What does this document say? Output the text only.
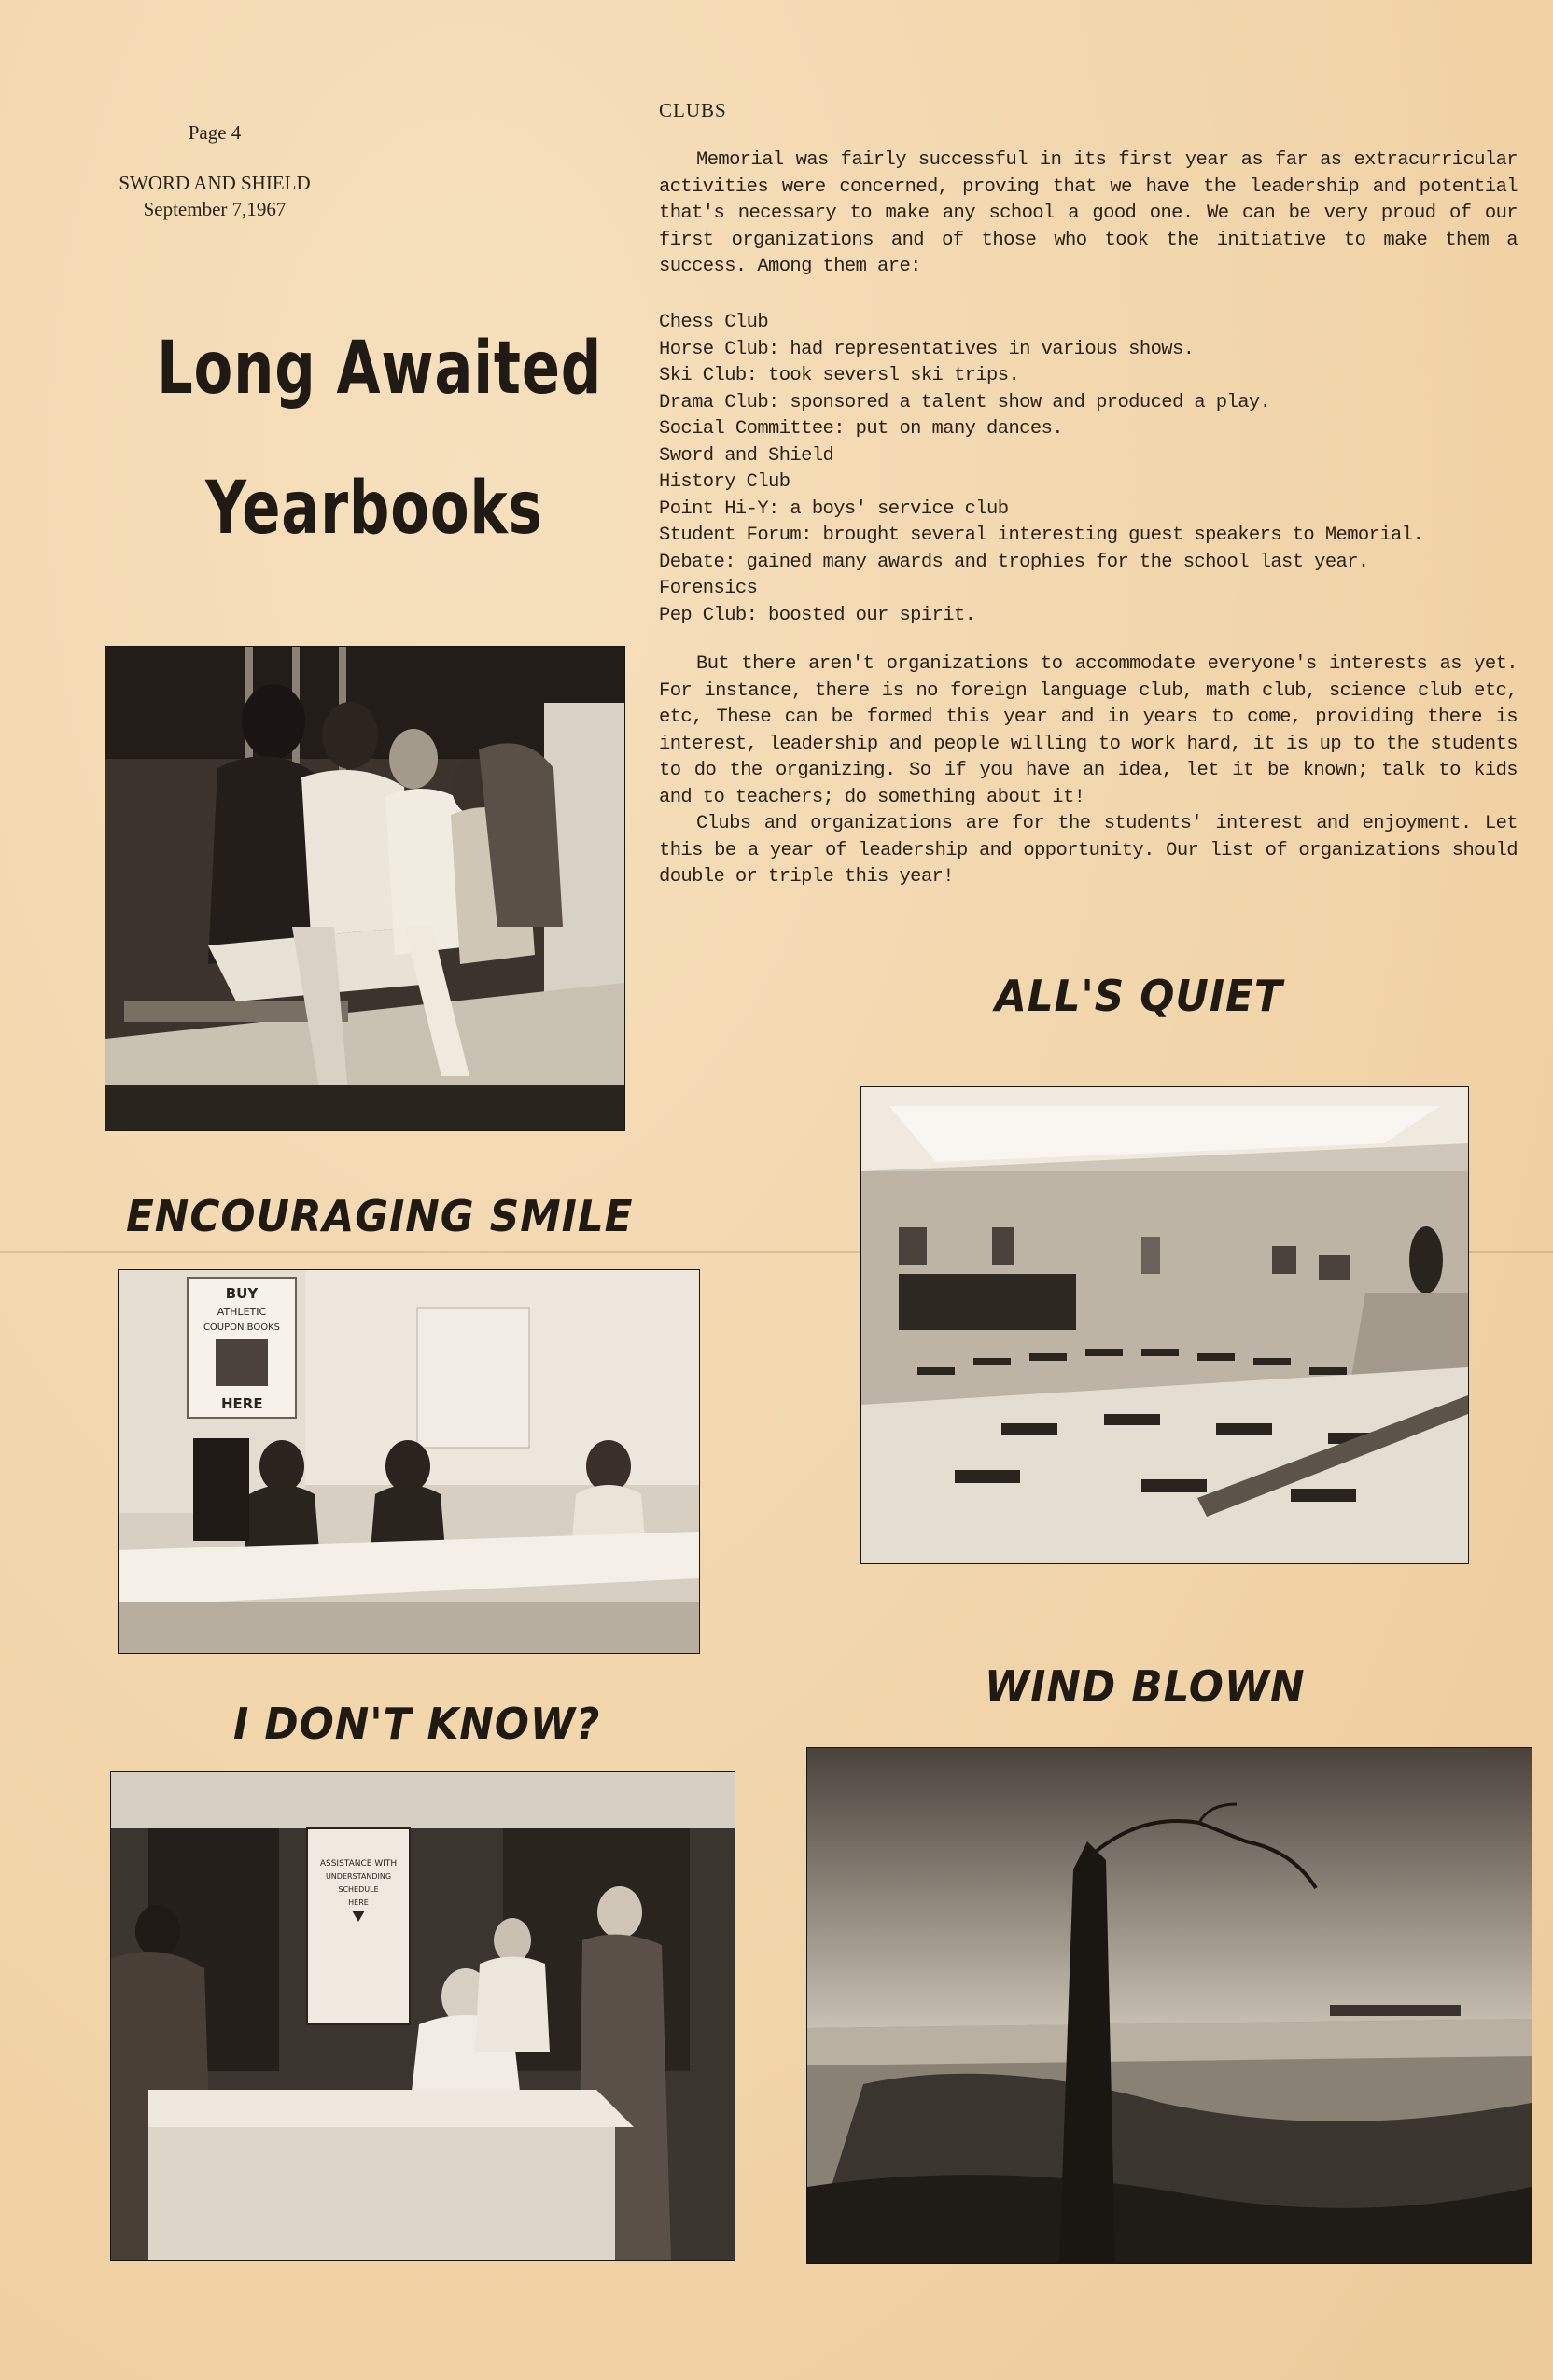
Page 4
SWORD AND SHIELD
September 7,1967
Long Awaited
Yearbooks
CLUBS

Memorial was fairly successful in its first year as far as extracurricular activities were concerned, proving that we have the leadership and potential that's necessary to make any school a good one. We can be very proud of our first organizations and of those who took the initiative to make them a success. Among them are:

Chess Club
Horse Club: had representatives in various shows.
Ski Club: took seversl ski trips.
Drama Club: sponsored a talent show and produced a play.
Social Committee: put on many dances.
Sword and Shield
History Club
Point Hi-Y: a boys' service club
Student Forum: brought several interesting guest speakers to Memorial.
Debate: gained many awards and trophies for the school last year.
Forensics
Pep Club: boosted our spirit.

But there aren't organizations to accommodate everyone's interests as yet. For instance, there is no foreign language club, math club, science club etc, etc, These can be formed this year and in years to come, providing there is interest, leadership and people willing to work hard, it is up to the students to do the organizing. So if you have an idea, let it be known; talk to kids and to teachers; do something about it!

Clubs and organizations are for the students' interest and enjoyment. Let this be a year of leadership and opportunity. Our list of organizations should double or triple this year!

ALL'S QUIET
ENCOURAGING SMILE
WIND BLOWN
I DON'T KNOW?
BUY
ATHLETIC
COUPON BOOKS
HERE
ASSISTANCE WITH
UNDERSTANDING
SCHEDULE
HERE
